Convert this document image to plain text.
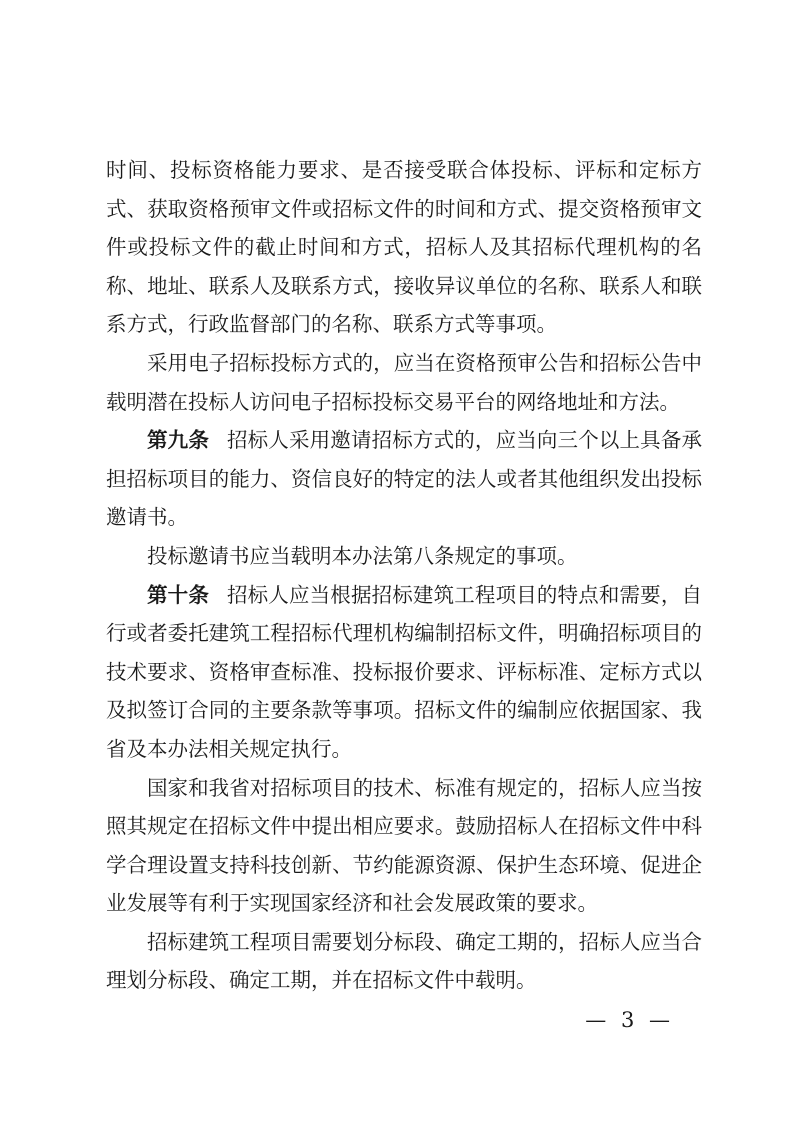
时间、投标资格能力要求、是否接受联合体投标、评标和定标方式、获取资格预审文件或招标文件的时间和方式、提交资格预审文件或投标文件的截止时间和方式，招标人及其招标代理机构的名称、地址、联系人及联系方式，接收异议单位的名称、联系人和联系方式，行政监督部门的名称、联系方式等事项。

采用电子招标投标方式的，应当在资格预审公告和招标公告中载明潜在投标人访问电子招标投标交易平台的网络地址和方法。

第九条 招标人采用邀请招标方式的，应当向三个以上具备承担招标项目的能力、资信良好的特定的法人或者其他组织发出投标邀请书。

投标邀请书应当载明本办法第八条规定的事项。

第十条 招标人应当根据招标建筑工程项目的特点和需要，自行或者委托建筑工程招标代理机构编制招标文件，明确招标项目的技术要求、资格审查标准、投标报价要求、评标标准、定标方式以及拟签订合同的主要条款等事项。招标文件的编制应依据国家、我省及本办法相关规定执行。

国家和我省对招标项目的技术、标准有规定的，招标人应当按照其规定在招标文件中提出相应要求。鼓励招标人在招标文件中科学合理设置支持科技创新、节约能源资源、保护生态环境、促进企业发展等有利于实现国家经济和社会发展政策的要求。

招标建筑工程项目需要划分标段、确定工期的，招标人应当合理划分标段、确定工期，并在招标文件中载明。

— 3 —
